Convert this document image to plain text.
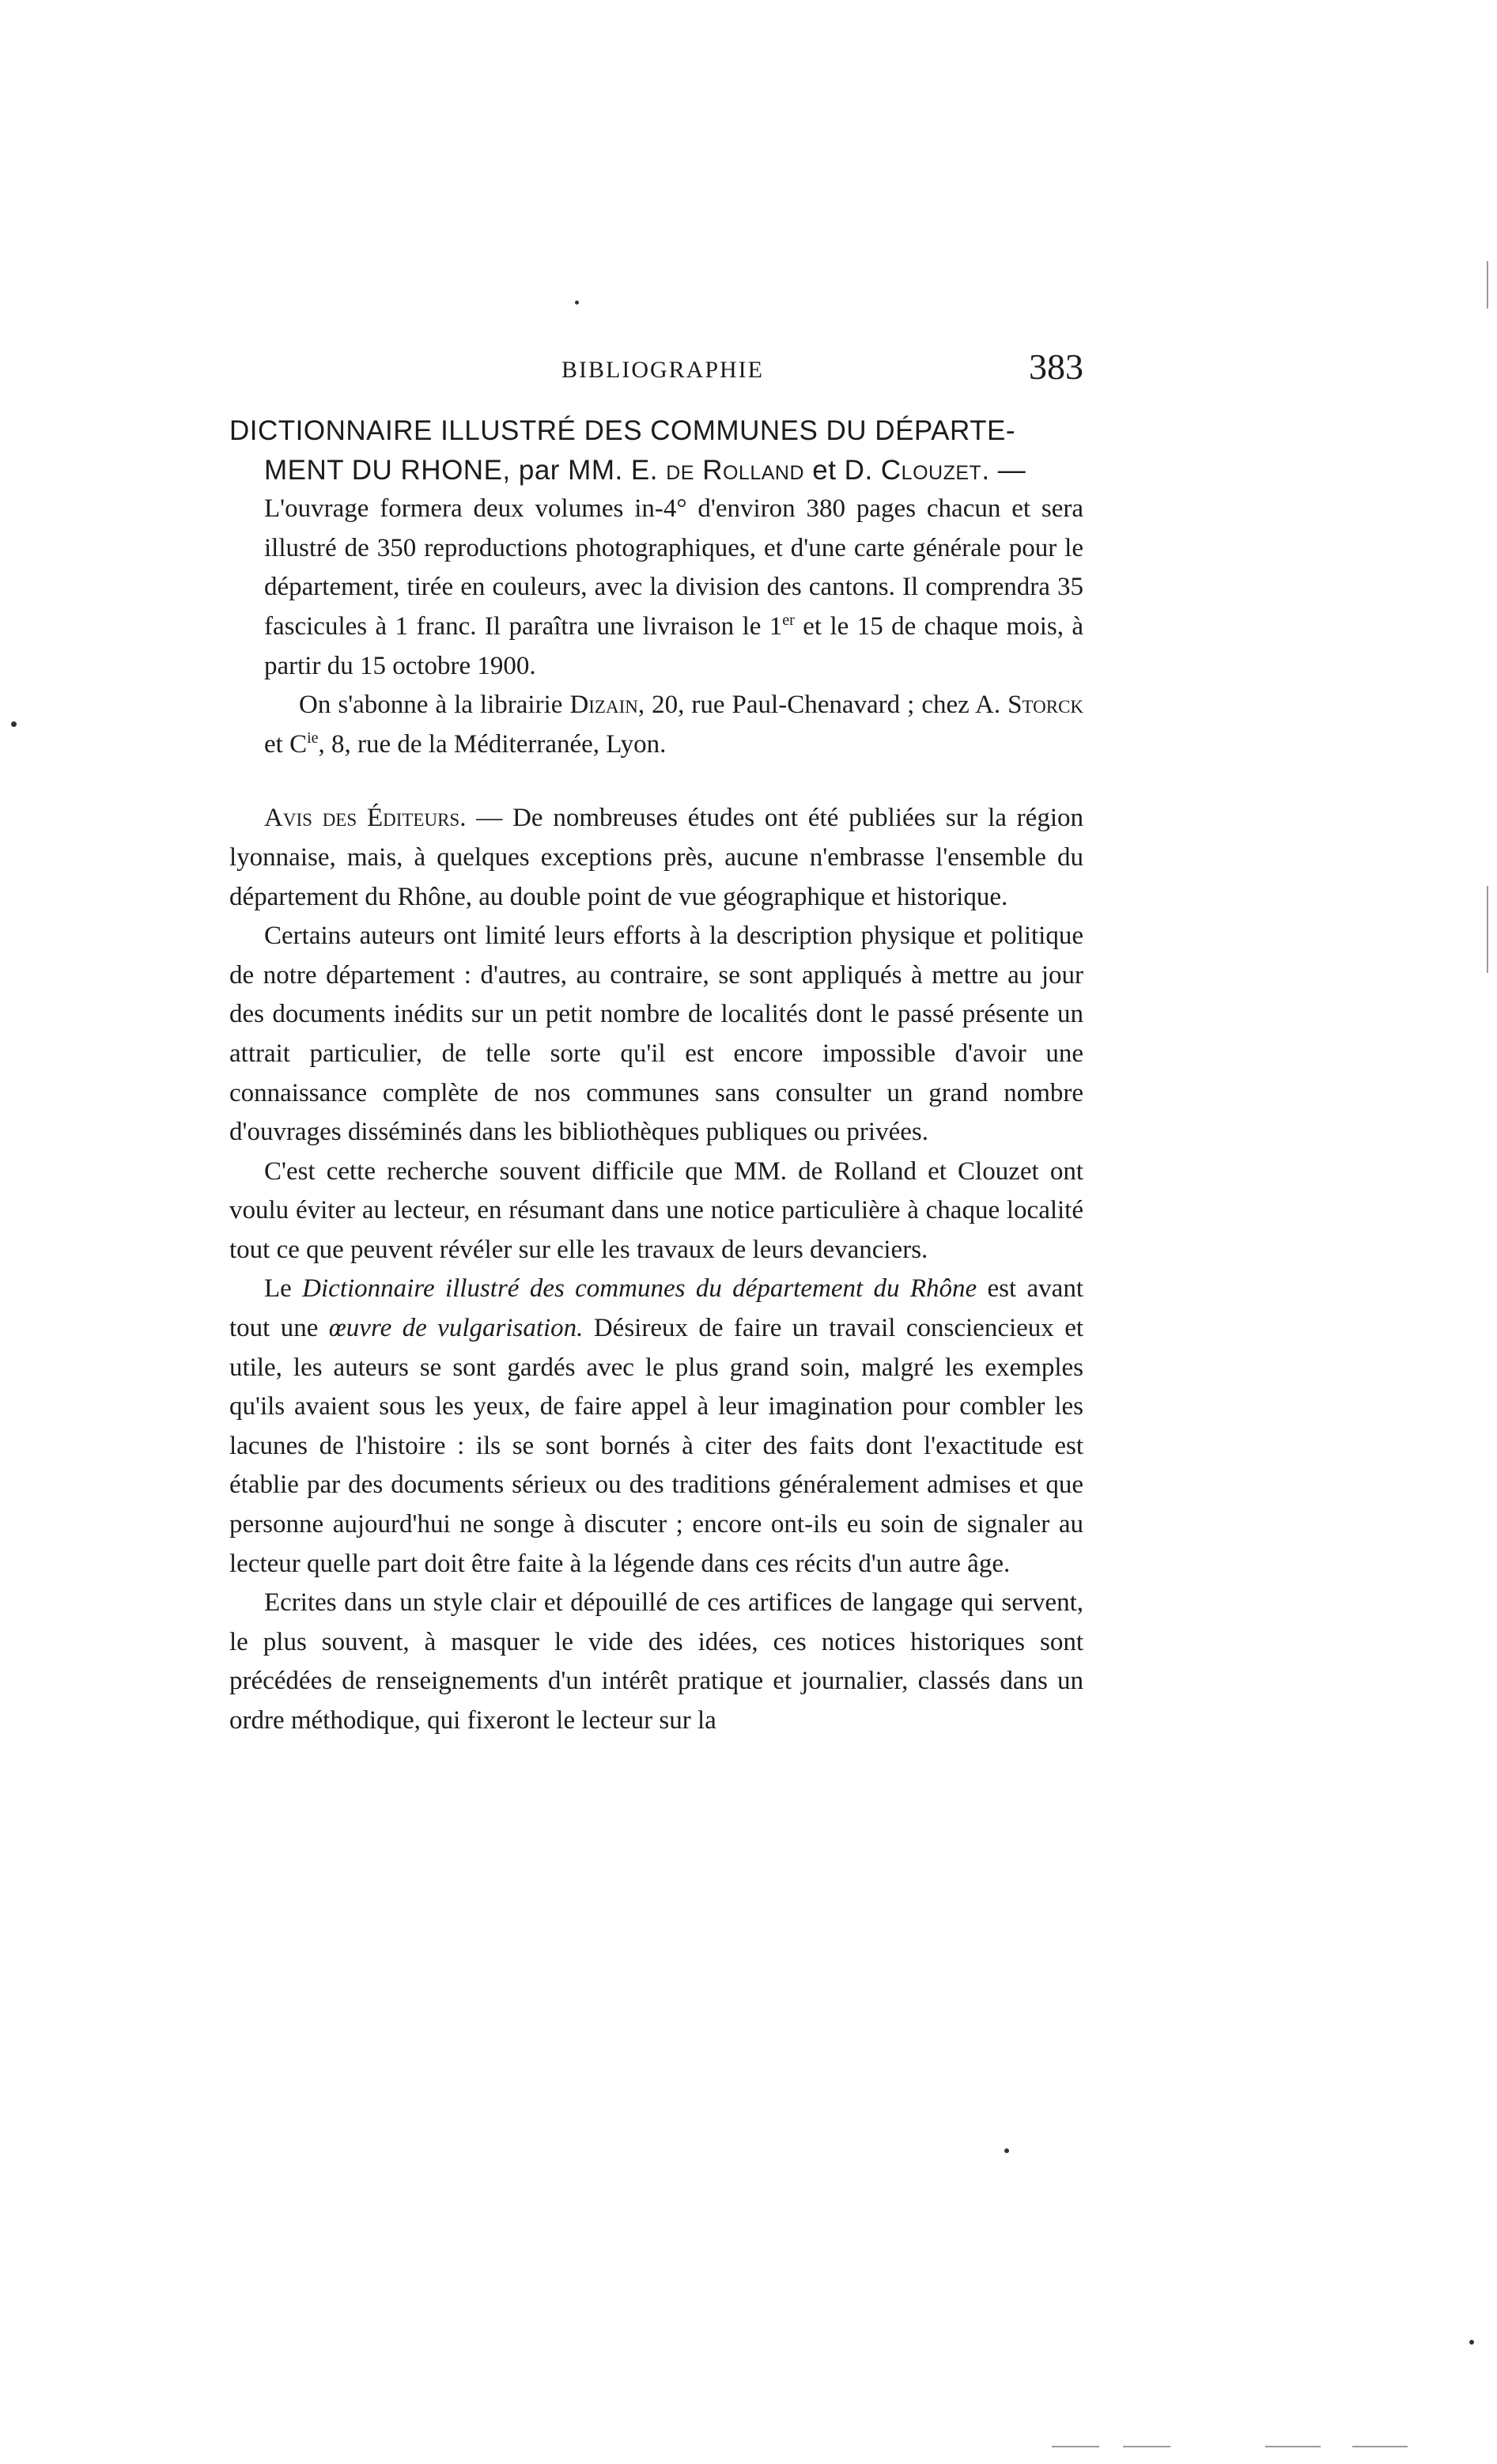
BIBLIOGRAPHIE	383
DICTIONNAIRE ILLUSTRÉ DES COMMUNES DU DÉPARTE-
MENT DU RHONE, par MM. E. de Rolland et D. Clouzet. —

L'ouvrage formera deux volumes in-4° d'environ 380 pages chacun et sera illustré de 350 reproductions photographiques, et d'une carte générale pour le département, tirée en couleurs, avec la division des cantons. Il comprendra 35 fascicules à 1 franc. Il paraîtra une livraison le 1er et le 15 de chaque mois, à partir du 15 octobre 1900.

On s'abonne à la librairie Dizain, 20, rue Paul-Chenavard ; chez A. Storck et $C^{ie}$, 8, rue de la Méditerranée, Lyon.

Avis des Éditeurs. — De nombreuses études ont été publiées sur la région lyonnaise, mais, à quelques exceptions près, aucune n'embrasse l'ensemble du département du Rhône, au double point de vue géographique et historique.

Certains auteurs ont limité leurs efforts à la description physique et politique de notre département : d'autres, au contraire, se sont appliqués à mettre au jour des documents inédits sur un petit nombre de localités dont le passé présente un attrait particulier, de telle sorte qu'il est encore impossible d'avoir une connaissance complète de nos communes sans consulter un grand nombre d'ouvrages disséminés dans les bibliothèques publiques ou privées.

C'est cette recherche souvent difficile que MM. de Rolland et Clouzet ont voulu éviter au lecteur, en résumant dans une notice particulière à chaque localité tout ce que peuvent révéler sur elle les travaux de leurs devanciers.

Le Dictionnaire illustré des communes du département du Rhône est avant tout une œuvre de vulgarisation. Désireux de faire un travail consciencieux et utile, les auteurs se sont gardés avec le plus grand soin, malgré les exemples qu'ils avaient sous les yeux, de faire appel à leur imagination pour combler les lacunes de l'histoire : ils se sont bornés à citer des faits dont l'exactitude est établie par des documents sérieux ou des traditions généralement admises et que personne aujourd'hui ne songe à discuter ; encore ont-ils eu soin de signaler au lecteur quelle part doit être faite à la légende dans ces récits d'un autre âge.

Ecrites dans un style clair et dépouillé de ces artifices de langage qui servent, le plus souvent, à masquer le vide des idées, ces notices historiques sont précédées de renseignements d'un intérêt pratique et journalier, classés dans un ordre méthodique, qui fixeront le lecteur sur la
